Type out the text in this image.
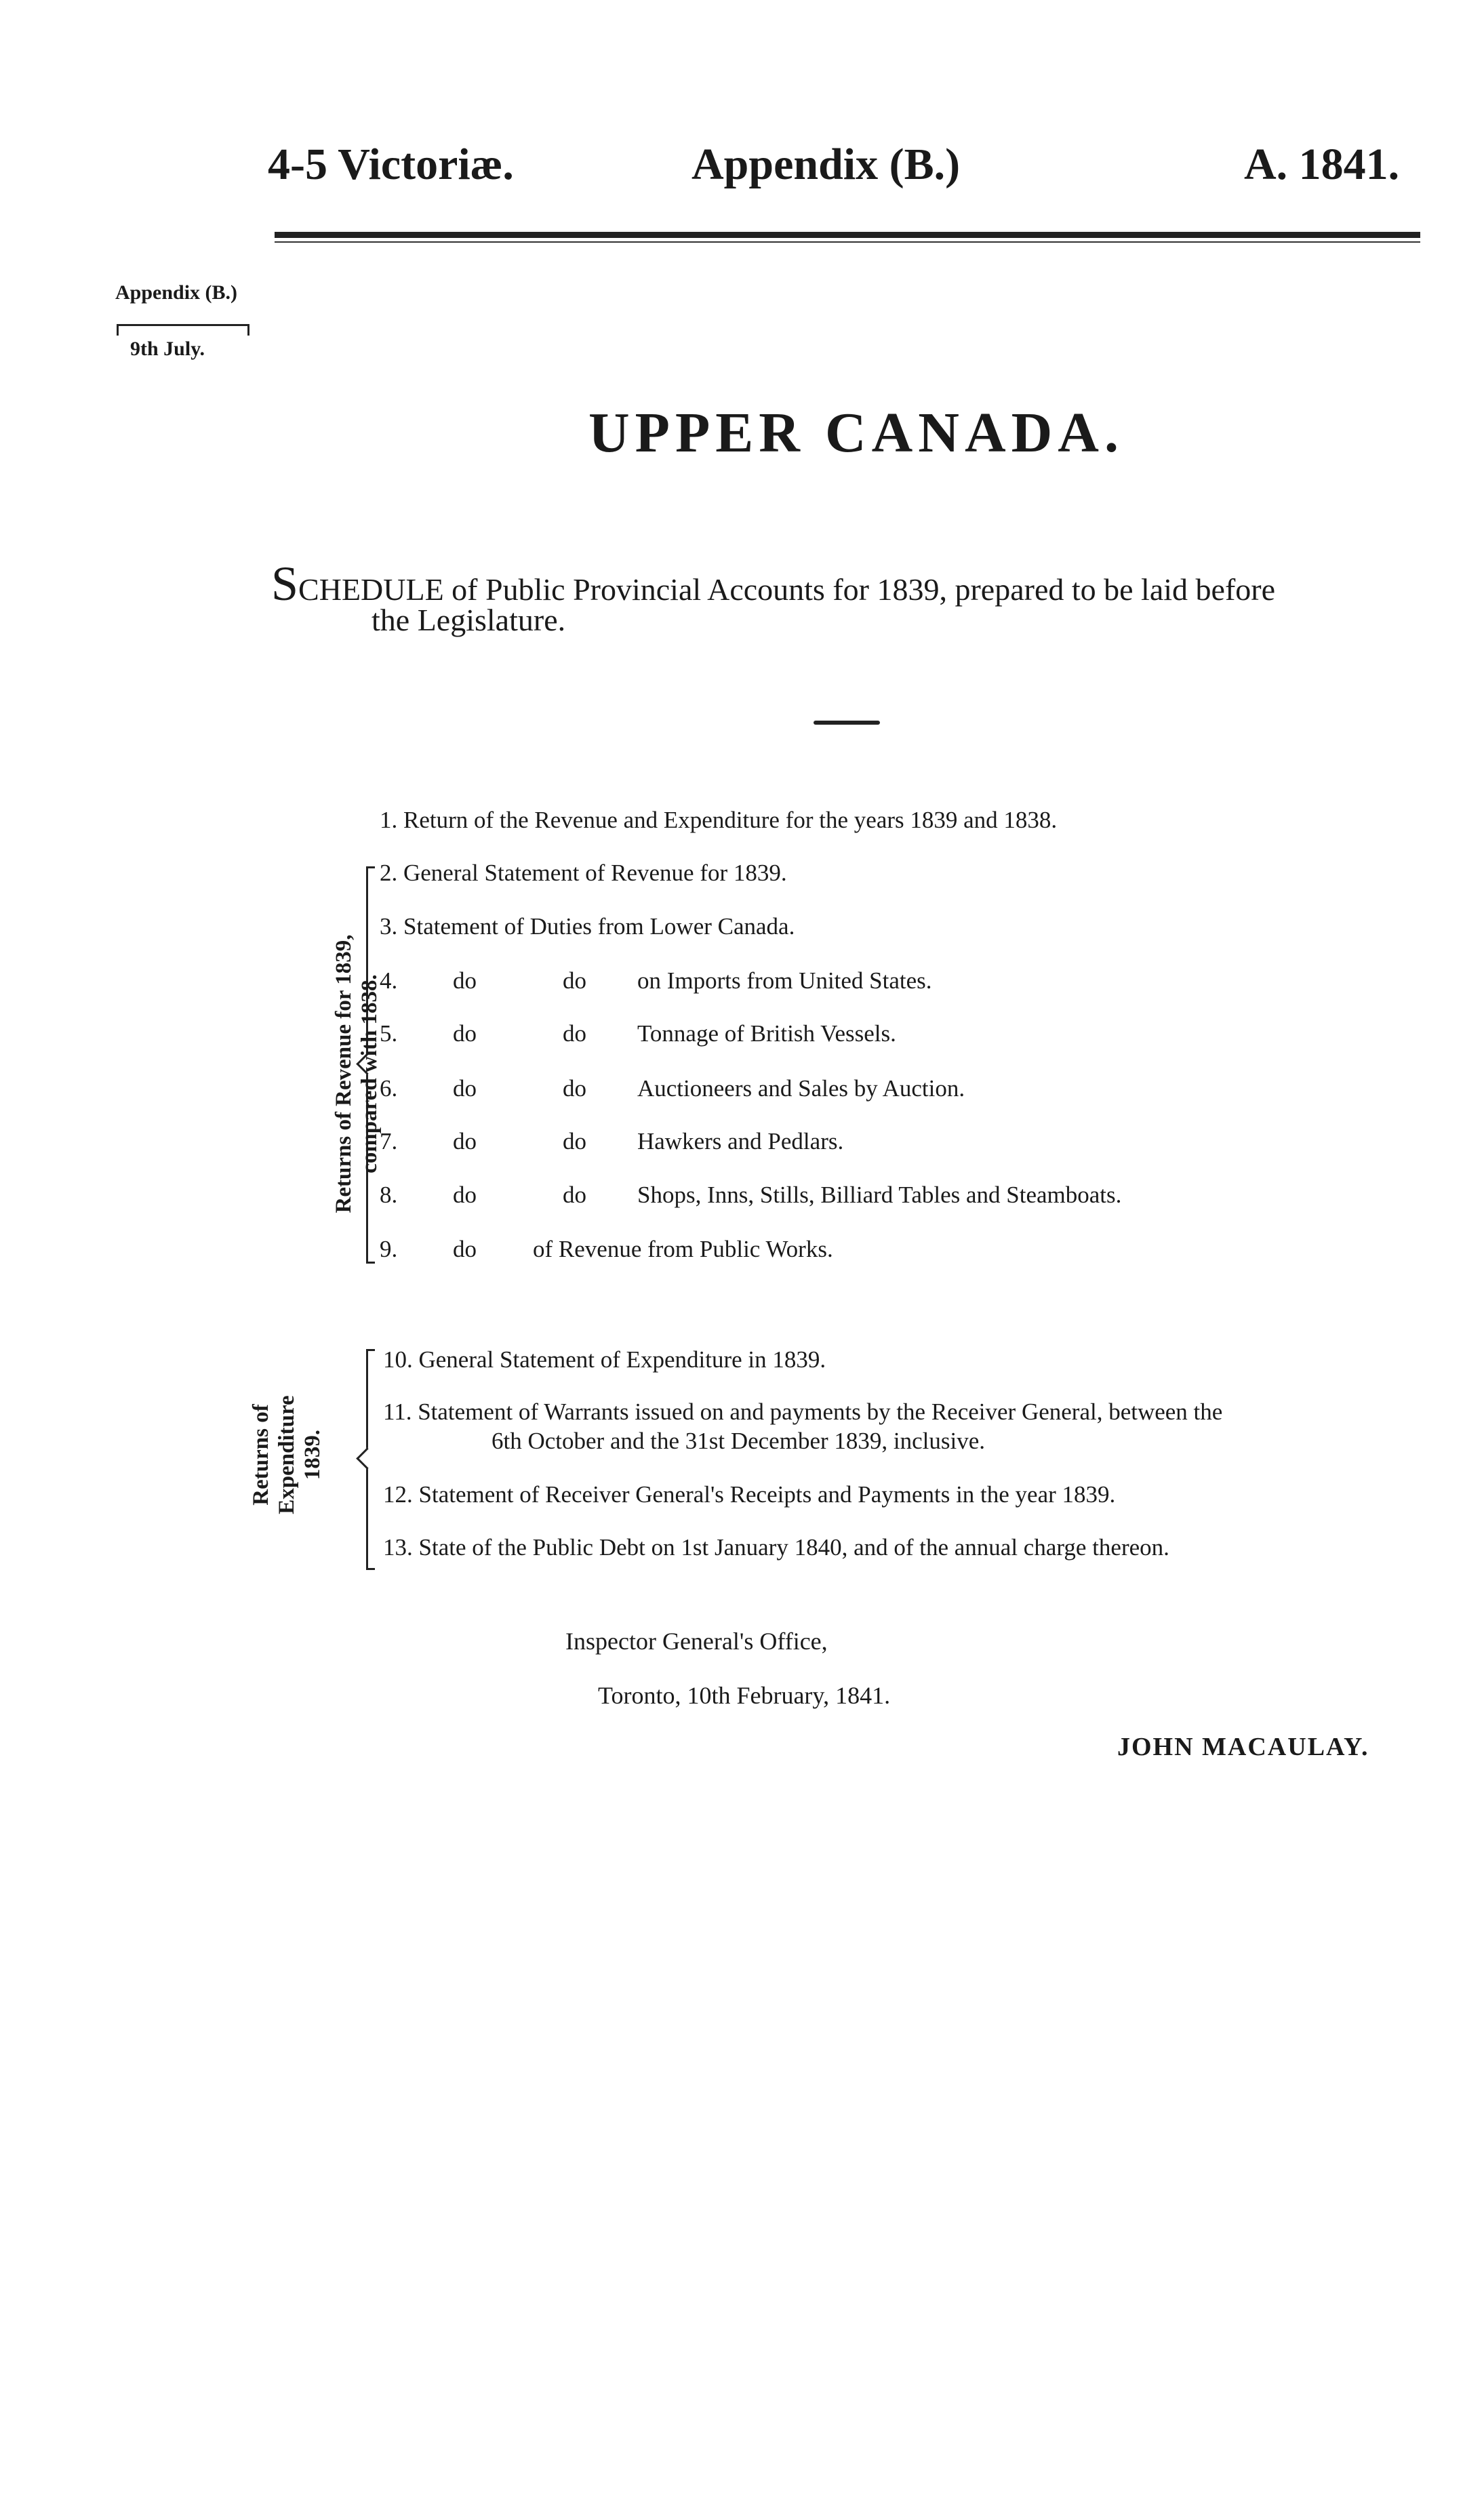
4-5 Victoriæ.	Appendix (B.)	A. 1841.
Appendix (B.)
9th July.
UPPER CANADA.
SCHEDULE of Public Provincial Accounts for 1839, prepared to be laid before
the Legislature.
1. Return of the Revenue and Expenditure for the years 1839 and 1838.
Returns of Revenue for 1839, compared with 1838.
2. General Statement of Revenue for 1839.
3. Statement of Duties from Lower Canada.
4. do	do on Imports from United States.
5. do	do Tonnage of British Vessels.
6. do	do Auctioneers and Sales by Auction.
7. do	do Hawkers and Pedlars.
8. do	do Shops, Inns, Stills, Billiard Tables and Steamboats.
9. do of Revenue from Public Works.
Returns of Expenditure 1839.
10. General Statement of Expenditure in 1839.
11. Statement of Warrants issued on and payments by the Receiver General, between the
6th October and the 31st December 1839, inclusive.
12. Statement of Receiver General's Receipts and Payments in the year 1839.
13. State of the Public Debt on 1st January 1840, and of the annual charge thereon.
Inspector General's Office,
Toronto, 10th February, 1841.
JOHN MACAULAY.
